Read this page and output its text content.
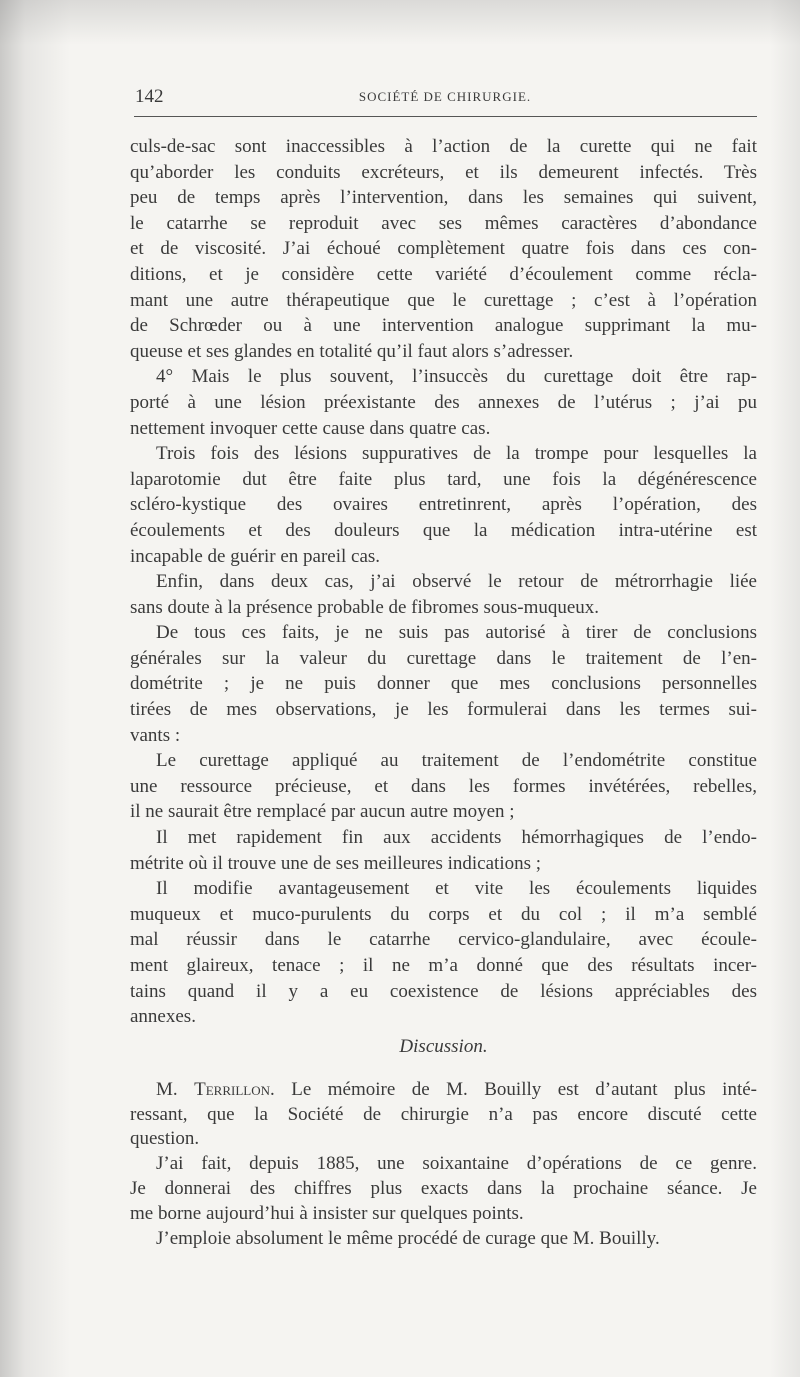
142	SOCIÉTÉ DE CHIRURGIE.
culs-de-sac sont inaccessibles à l’action de la curette qui ne fait
qu’aborder les conduits excréteurs, et ils demeurent infectés. Très
peu de temps après l’intervention, dans les semaines qui suivent,
le catarrhe se reproduit avec ses mêmes caractères d’abondance
et de viscosité. J’ai échoué complètement quatre fois dans ces con-
ditions, et je considère cette variété d’écoulement comme récla-
mant une autre thérapeutique que le curettage ; c’est à l’opération
de Schrœder ou à une intervention analogue supprimant la mu-
queuse et ses glandes en totalité qu’il faut alors s’adresser.
4° Mais le plus souvent, l’insuccès du curettage doit être rap-
porté à une lésion préexistante des annexes de l’utérus ; j’ai pu
nettement invoquer cette cause dans quatre cas.
Trois fois des lésions suppuratives de la trompe pour lesquelles la
laparotomie dut être faite plus tard, une fois la dégénérescence
scléro-kystique des ovaires entretinrent, après l’opération, des
écoulements et des douleurs que la médication intra-utérine est
incapable de guérir en pareil cas.
Enfin, dans deux cas, j’ai observé le retour de métrorrhagie liée
sans doute à la présence probable de fibromes sous-muqueux.
De tous ces faits, je ne suis pas autorisé à tirer de conclusions
générales sur la valeur du curettage dans le traitement de l’en-
dométrite ; je ne puis donner que mes conclusions personnelles
tirées de mes observations, je les formulerai dans les termes sui-
vants :
Le curettage appliqué au traitement de l’endométrite constitue
une ressource précieuse, et dans les formes invétérées, rebelles,
il ne saurait être remplacé par aucun autre moyen ;
Il met rapidement fin aux accidents hémorrhagiques de l’endo-
métrite où il trouve une de ses meilleures indications ;
Il modifie avantageusement et vite les écoulements liquides
muqueux et muco-purulents du corps et du col ; il m’a semblé
mal réussir dans le catarrhe cervico-glandulaire, avec écoule-
ment glaireux, tenace ; il ne m’a donné que des résultats incer-
tains quand il y a eu coexistence de lésions appréciables des
annexes.
Discussion.
M. Terrillon. Le mémoire de M. Bouilly est d’autant plus inté-
ressant, que la Société de chirurgie n’a pas encore discuté cette
question.
J’ai fait, depuis 1885, une soixantaine d’opérations de ce genre.
Je donnerai des chiffres plus exacts dans la prochaine séance. Je
me borne aujourd’hui à insister sur quelques points.
J’emploie absolument le même procédé de curage que M. Bouilly.
